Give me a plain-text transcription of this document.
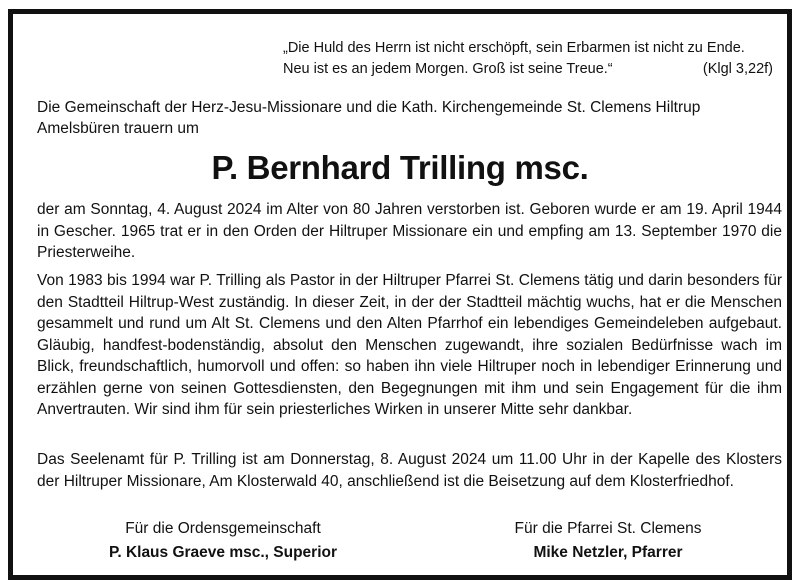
„Die Huld des Herrn ist nicht erschöpft, sein Erbarmen ist nicht zu Ende.
Neu ist es an jedem Morgen. Groß ist seine Treue.“	(Klgl 3,22f)
Die Gemeinschaft der Herz-Jesu-Missionare und die Kath. Kirchengemeinde St. Clemens Hiltrup Amelsbüren trauern um
P. Bernhard Trilling msc.
der am Sonntag, 4. August 2024 im Alter von 80 Jahren verstorben ist. Geboren wurde er am 19. April 1944 in Gescher. 1965 trat er in den Orden der Hiltruper Missionare ein und empfing am 13. September 1970 die Priesterweihe.
Von 1983 bis 1994 war P. Trilling als Pastor in der Hiltruper Pfarrei St. Clemens tätig und darin besonders für den Stadtteil Hiltrup-West zuständig. In dieser Zeit, in der der Stadtteil mächtig wuchs, hat er die Menschen gesammelt und rund um Alt St. Clemens und den Alten Pfarrhof ein lebendiges Gemeindeleben aufgebaut. Gläubig, handfest-bodenständig, absolut den Menschen zugewandt, ihre sozialen Bedürfnisse wach im Blick, freundschaftlich, humorvoll und offen: so haben ihn viele Hiltruper noch in lebendiger Erinnerung und erzählen gerne von seinen Gottesdiensten, den Begegnungen mit ihm und sein Engagement für die ihm Anvertrauten. Wir sind ihm für sein priesterliches Wirken in unserer Mitte sehr dankbar.
Das Seelenamt für P. Trilling ist am Donnerstag, 8. August 2024 um 11.00 Uhr in der Kapelle des Klosters der Hiltruper Missionare, Am Klosterwald 40, anschließend ist die Beisetzung auf dem Klosterfriedhof.
Für die Ordensgemeinschaft
P. Klaus Graeve msc., Superior
Für die Pfarrei St. Clemens
Mike Netzler, Pfarrer
